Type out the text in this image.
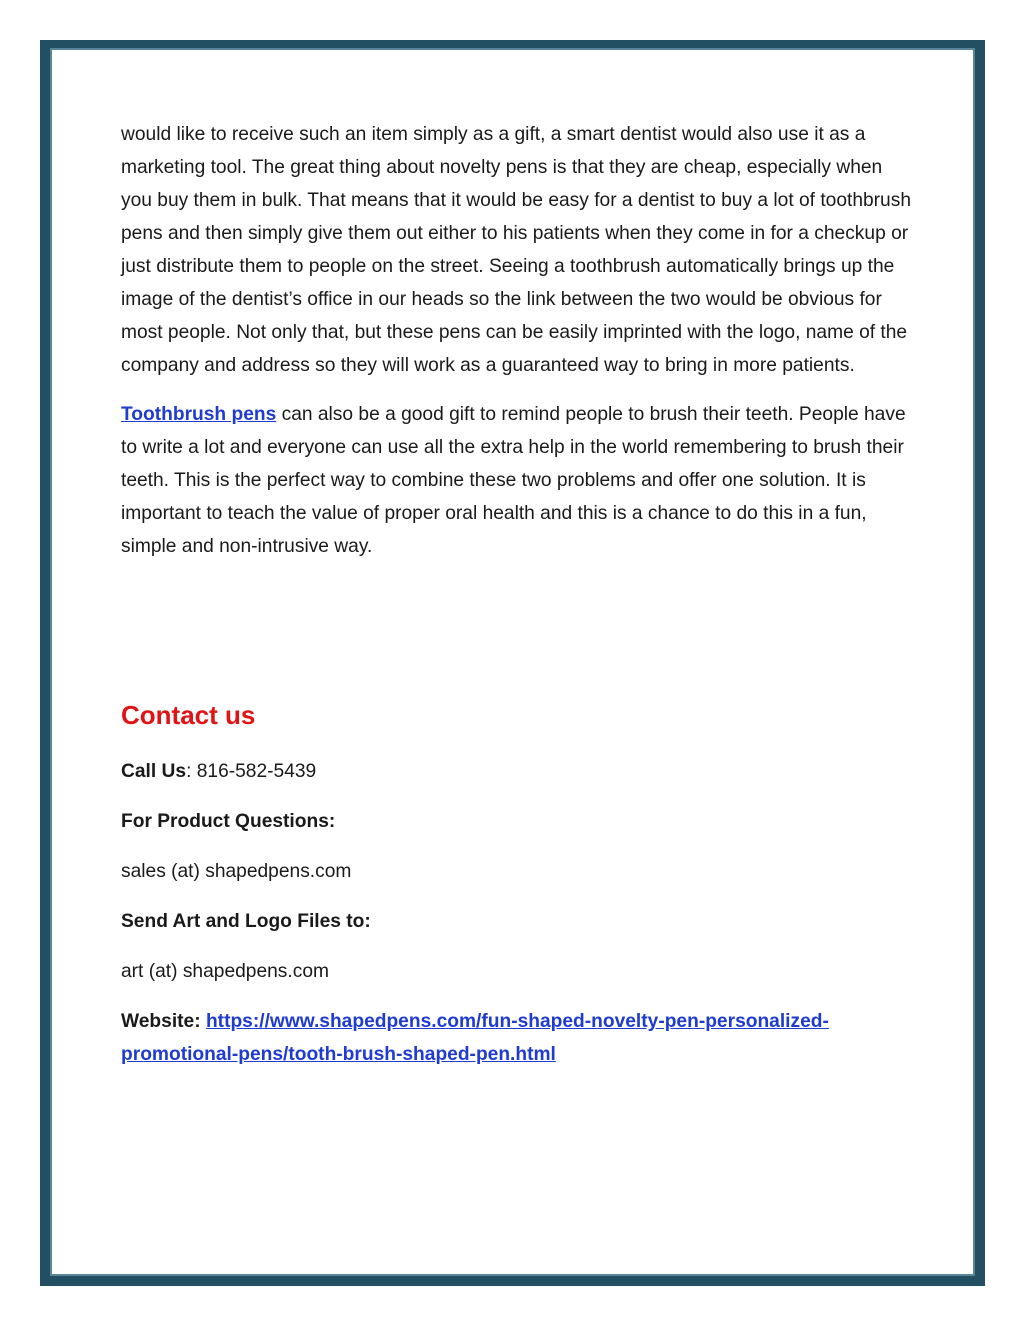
would like to receive such an item simply as a gift, a smart dentist would also use it as a marketing tool. The great thing about novelty pens is that they are cheap, especially when you buy them in bulk. That means that it would be easy for a dentist to buy a lot of toothbrush pens and then simply give them out either to his patients when they come in for a checkup or just distribute them to people on the street. Seeing a toothbrush automatically brings up the image of the dentist’s office in our heads so the link between the two would be obvious for most people. Not only that, but these pens can be easily imprinted with the logo, name of the company and address so they will work as a guaranteed way to bring in more patients.

Toothbrush pens can also be a good gift to remind people to brush their teeth. People have to write a lot and everyone can use all the extra help in the world remembering to brush their teeth. This is the perfect way to combine these two problems and offer one solution. It is important to teach the value of proper oral health and this is a chance to do this in a fun, simple and non-intrusive way.

Contact us

Call Us: 816-582-5439

For Product Questions:

sales (at) shapedpens.com

Send Art and Logo Files to:

art (at) shapedpens.com

Website: https://www.shapedpens.com/fun-shaped-novelty-pen-personalized-promotional-pens/tooth-brush-shaped-pen.html
